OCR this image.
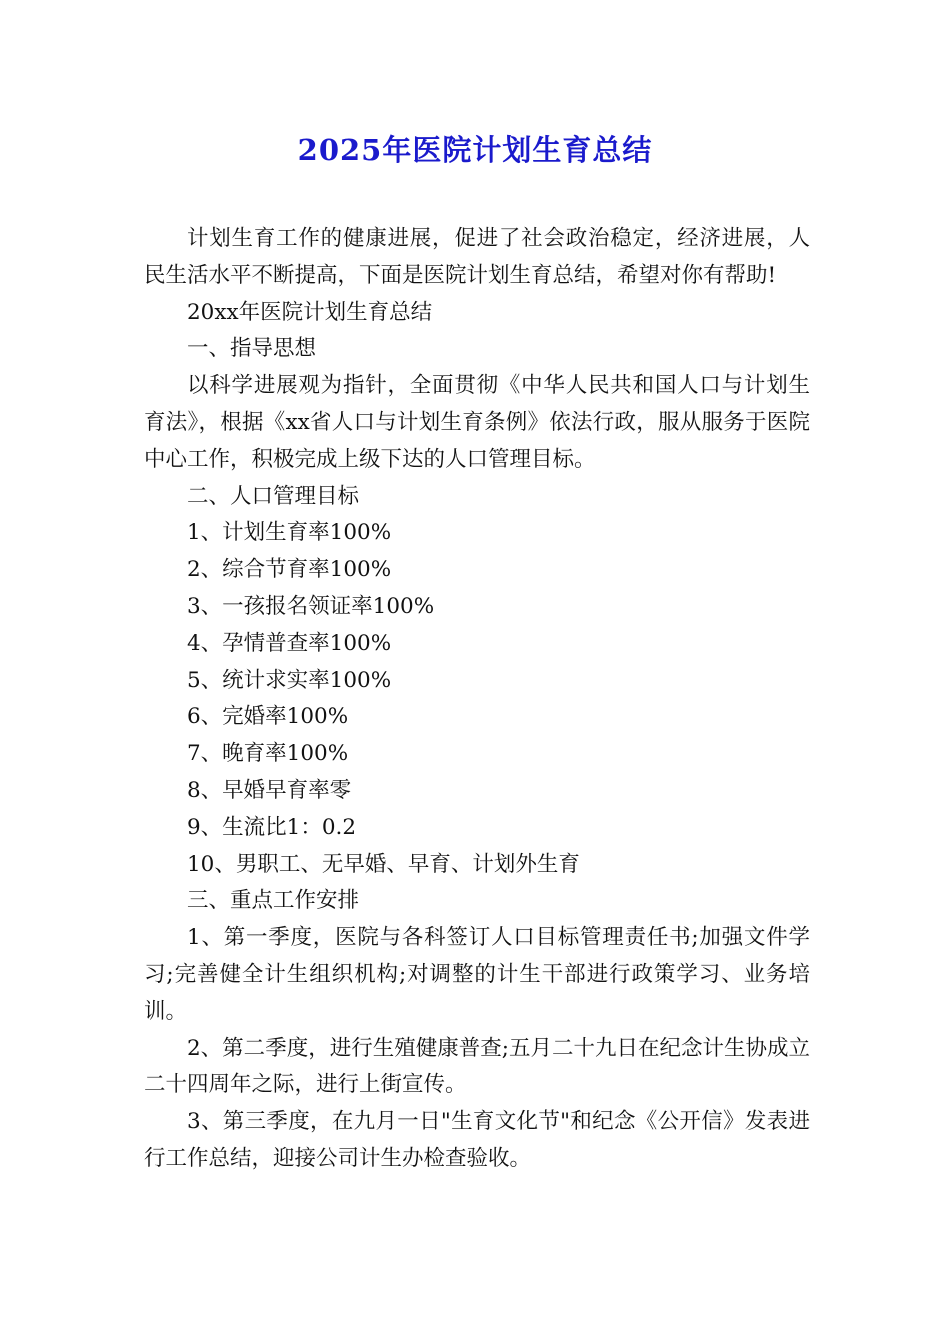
2025年医院计划生育总结

计划生育工作的健康进展，促进了社会政治稳定，经济进展，人民生活水平不断提高，下面是医院计划生育总结，希望对你有帮助!

20xx年医院计划生育总结

一、指导思想

以科学进展观为指针，全面贯彻《中华人民共和国人口与计划生育法》，根据《xx省人口与计划生育条例》依法行政，服从服务于医院中心工作，积极完成上级下达的人口管理目标。

二、人口管理目标

1、计划生育率100%

2、综合节育率100%

3、一孩报名领证率100%

4、孕情普查率100%

5、统计求实率100%

6、完婚率100%

7、晚育率100%

8、早婚早育率零

9、生流比1：0.2

10、男职工、无早婚、早育、计划外生育

三、重点工作安排

1、第一季度，医院与各科签订人口目标管理责任书;加强文件学习;完善健全计生组织机构;对调整的计生干部进行政策学习、业务培训。

2、第二季度，进行生殖健康普查;五月二十九日在纪念计生协成立二十四周年之际，进行上街宣传。

3、第三季度，在九月一日"生育文化节"和纪念《公开信》发表进行工作总结，迎接公司计生办检查验收。
